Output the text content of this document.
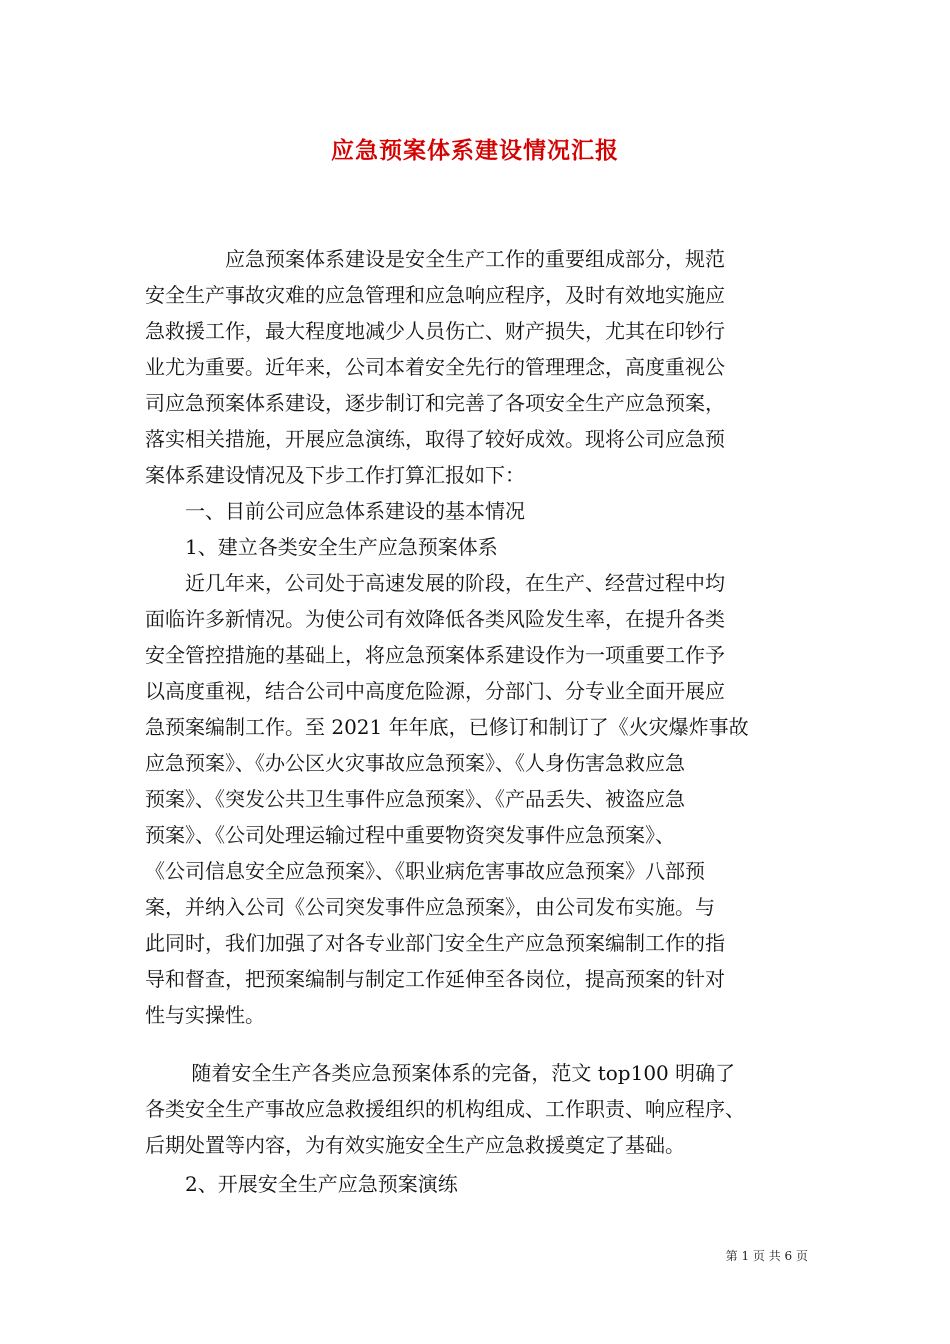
应急预案体系建设情况汇报
　　　　应急预案体系建设是安全生产工作的重要组成部分，规范
安全生产事故灾难的应急管理和应急响应程序，及时有效地实施应
急救援工作，最大程度地减少人员伤亡、财产损失，尤其在印钞行
业尤为重要。近年来，公司本着安全先行的管理理念，高度重视公
司应急预案体系建设，逐步制订和完善了各项安全生产应急预案，
落实相关措施，开展应急演练，取得了较好成效。现将公司应急预
案体系建设情况及下步工作打算汇报如下：
　　一、目前公司应急体系建设的基本情况
　　1、建立各类安全生产应急预案体系
　　近几年来，公司处于高速发展的阶段，在生产、经营过程中均
面临许多新情况。为使公司有效降低各类风险发生率，在提升各类
安全管控措施的基础上，将应急预案体系建设作为一项重要工作予
以高度重视，结合公司中高度危险源，分部门、分专业全面开展应
急预案编制工作。至 2021 年年底，已修订和制订了《火灾爆炸事故
应急预案》、《办公区火灾事故应急预案》、《人身伤害急救应急
预案》、《突发公共卫生事件应急预案》、《产品丢失、被盗应急
预案》、《公司处理运输过程中重要物资突发事件应急预案》、
《公司信息安全应急预案》、《职业病危害事故应急预案》八部预
案，并纳入公司《公司突发事件应急预案》，由公司发布实施。与
此同时，我们加强了对各专业部门安全生产应急预案编制工作的指
导和督查，把预案编制与制定工作延伸至各岗位，提高预案的针对
性与实操性。
　　 随着安全生产各类应急预案体系的完备，范文 top100 明确了
各类安全生产事故应急救援组织的机构组成、工作职责、响应程序、
后期处置等内容，为有效实施安全生产应急救援奠定了基础。
　　2、开展安全生产应急预案演练
第 1 页 共 6 页
